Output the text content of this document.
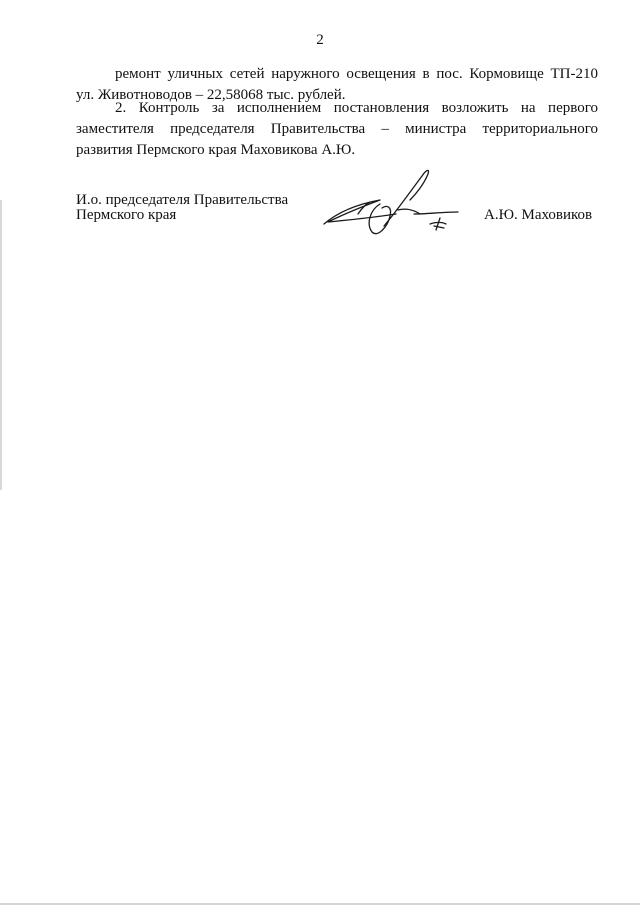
2
ремонт уличных сетей наружного освещения в пос. Кормовище ТП-210
ул. Животноводов – 22,58068 тыс. рублей.
2. Контроль за исполнением постановления возложить на первого
заместителя председателя Правительства – министра территориального
развития Пермского края Маховикова А.Ю.
И.о. председателя Правительства
Пермского края	А.Ю. Маховиков
